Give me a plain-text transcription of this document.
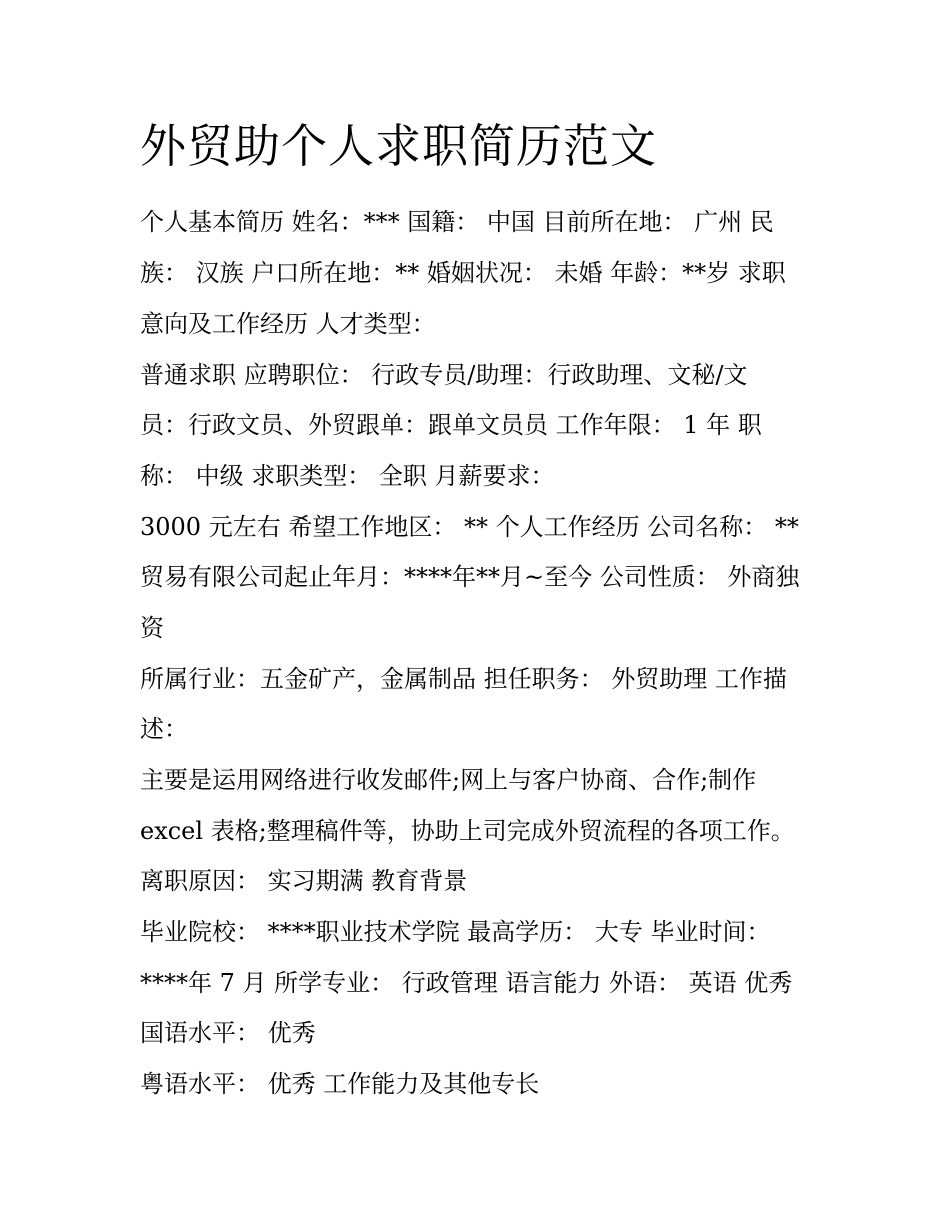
外贸助个人求职简历范文

个人基本简历 姓名：*** 国籍： 中国 目前所在地： 广州 民

族： 汉族 户口所在地：** 婚姻状况： 未婚 年龄：**岁 求职

意向及工作经历 人才类型：

普通求职 应聘职位： 行政专员/助理：行政助理、文秘/文

员：行政文员、外贸跟单：跟单文员员 工作年限： 1 年 职

称： 中级 求职类型： 全职 月薪要求：

3000 元左右 希望工作地区： ** 个人工作经历 公司名称： **

贸易有限公司起止年月：****年**月~至今 公司性质： 外商独

资

所属行业：五金矿产，金属制品 担任职务： 外贸助理 工作描

述：

主要是运用网络进行收发邮件;网上与客户协商、合作;制作

excel 表格;整理稿件等，协助上司完成外贸流程的各项工作。

离职原因： 实习期满 教育背景

毕业院校： ****职业技术学院 最高学历： 大专 毕业时间：

****年 7 月 所学专业： 行政管理 语言能力 外语： 英语 优秀

国语水平： 优秀

粤语水平： 优秀 工作能力及其他专长
